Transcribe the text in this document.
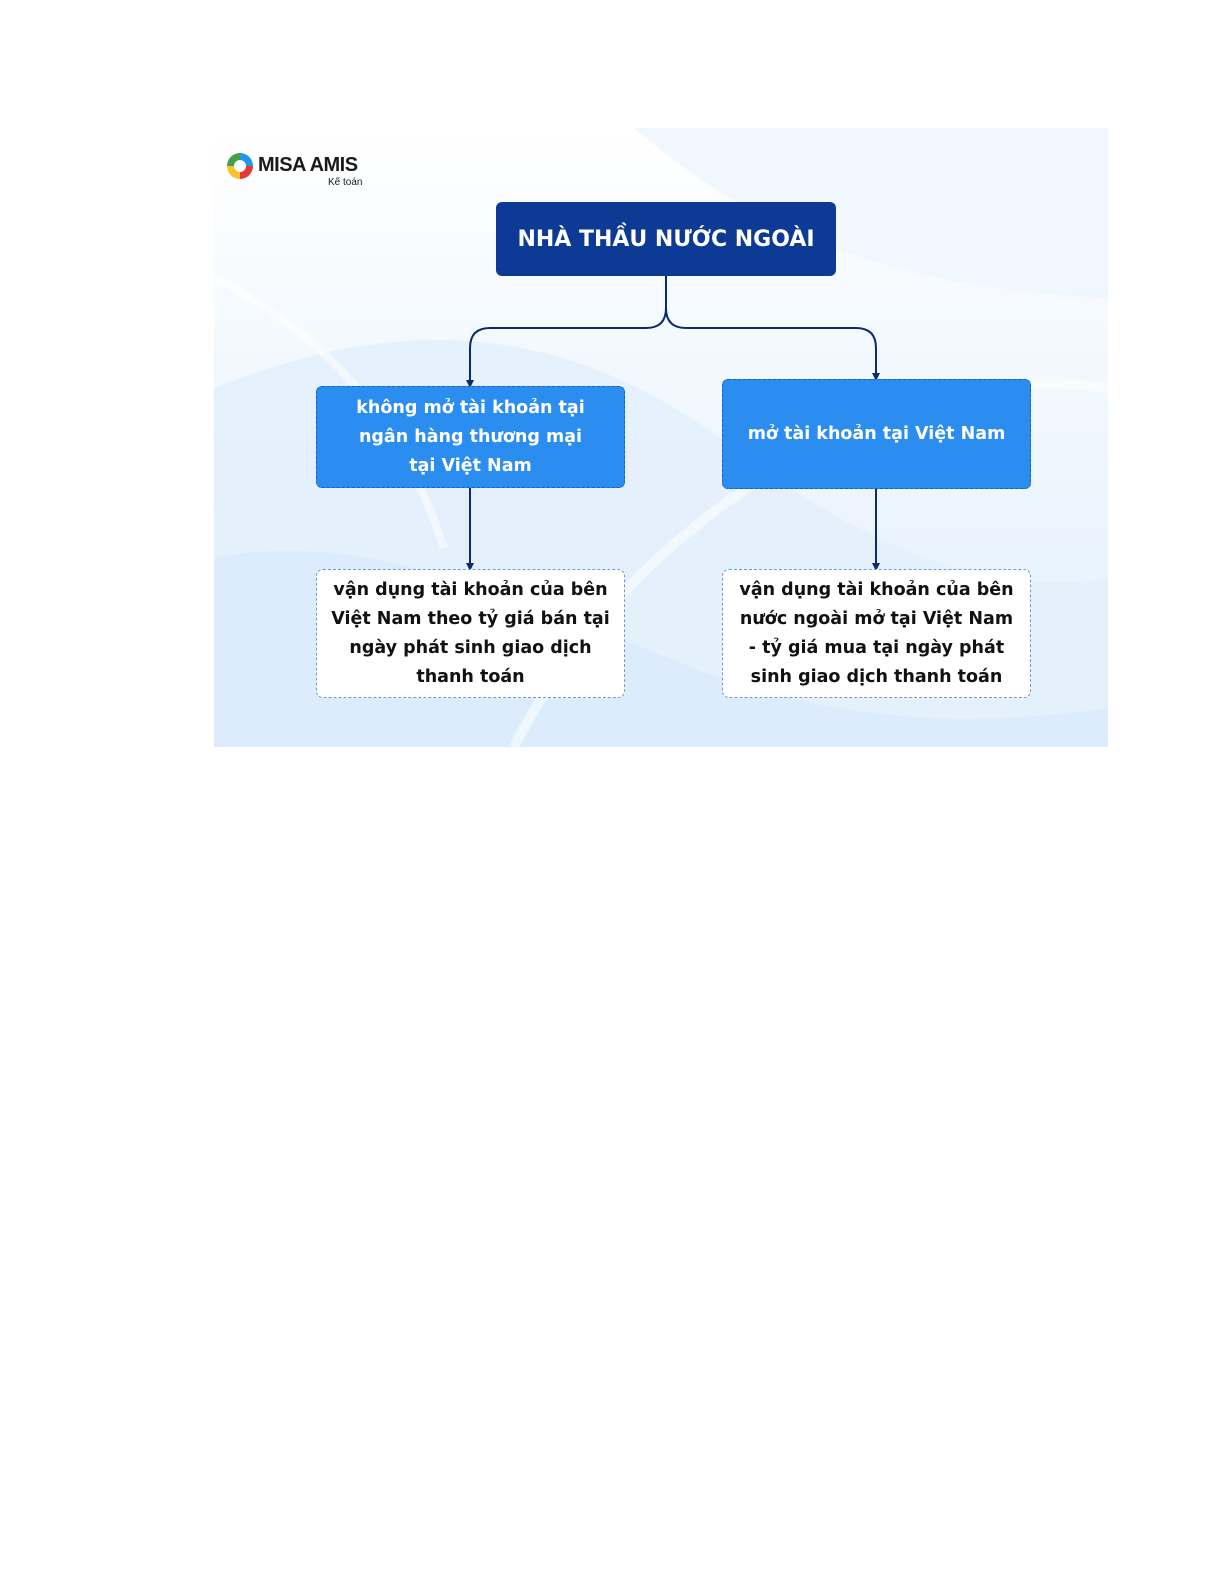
MISA AMIS
Kế toán
NHÀ THẦU NƯỚC NGOÀI
không mở tài khoản tại
ngân hàng thương mại
tại Việt Nam
mở tài khoản tại Việt Nam
vận dụng tài khoản của bên
Việt Nam theo tỷ giá bán tại
ngày phát sinh giao dịch
thanh toán
vận dụng tài khoản của bên
nước ngoài mở tại Việt Nam
- tỷ giá mua tại ngày phát
sinh giao dịch thanh toán
